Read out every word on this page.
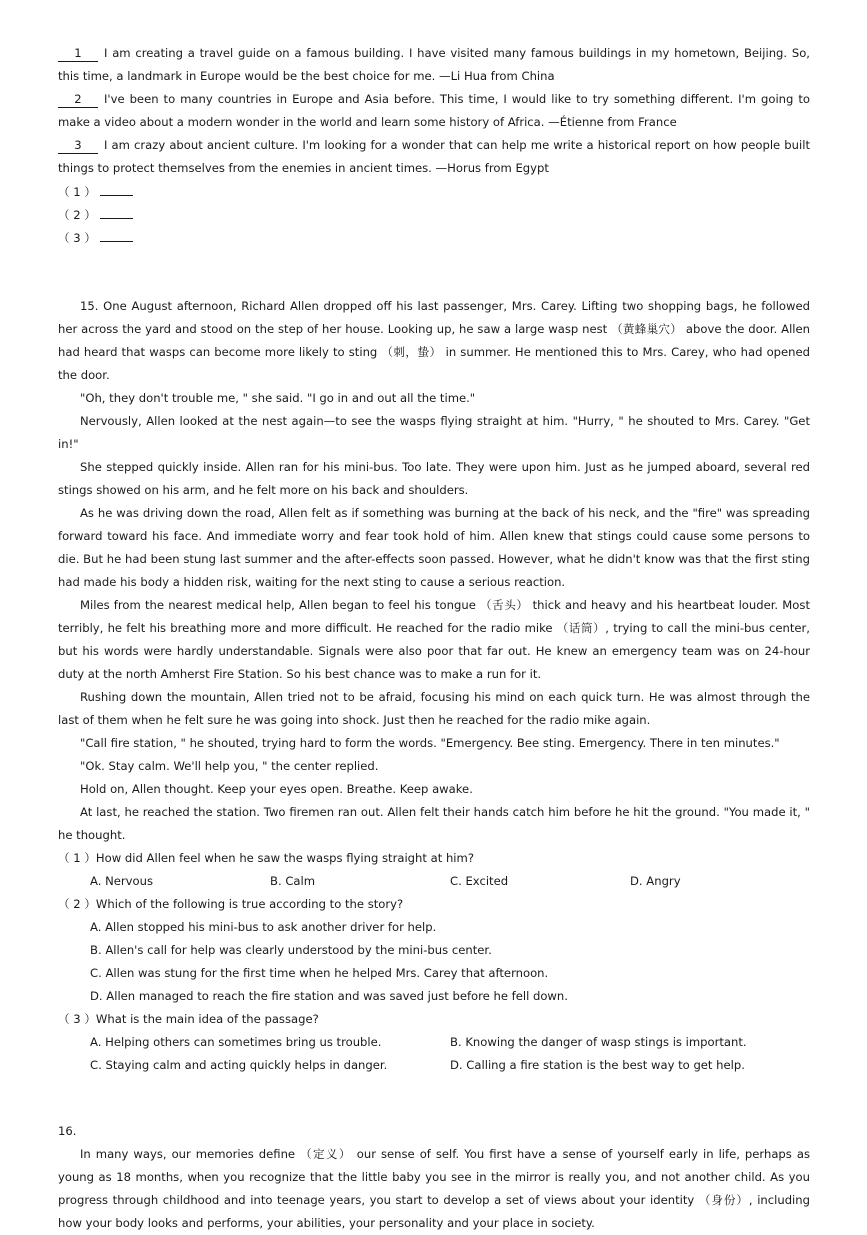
1 I am creating a travel guide on a famous building. I have visited many famous buildings in my hometown, Beijing. So, this time, a landmark in Europe would be the best choice for me. —Li Hua from China

2 I've been to many countries in Europe and Asia before. This time, I would like to try something different. I'm going to make a video about a modern wonder in the world and learn some history of Africa. —Étienne from France

3 I am crazy about ancient culture. I'm looking for a wonder that can help me write a historical report on how people built things to protect themselves from the enemies in ancient times. —Horus from Egypt

（ 1 ）
（ 2 ）
（ 3 ）

15. One August afternoon, Richard Allen dropped off his last passenger, Mrs. Carey. Lifting two shopping bags, he followed her across the yard and stood on the step of her house. Looking up, he saw a large wasp nest （黄蜂巢穴） above the door. Allen had heard that wasps can become more likely to sting （刺，蛰） in summer. He mentioned this to Mrs. Carey, who had opened the door.

"Oh, they don't trouble me, " she said. "I go in and out all the time."

Nervously, Allen looked at the nest again—to see the wasps flying straight at him. "Hurry, " he shouted to Mrs. Carey. "Get in!"

She stepped quickly inside. Allen ran for his mini-bus. Too late. They were upon him. Just as he jumped aboard, several red stings showed on his arm, and he felt more on his back and shoulders.

As he was driving down the road, Allen felt as if something was burning at the back of his neck, and the "fire" was spreading forward toward his face. And immediate worry and fear took hold of him. Allen knew that stings could cause some persons to die. But he had been stung last summer and the after-effects soon passed. However, what he didn't know was that the first sting had made his body a hidden risk, waiting for the next sting to cause a serious reaction.

Miles from the nearest medical help, Allen began to feel his tongue （舌头） thick and heavy and his heartbeat louder. Most terribly, he felt his breathing more and more difficult. He reached for the radio mike （话筒）, trying to call the mini-bus center, but his words were hardly understandable. Signals were also poor that far out. He knew an emergency team was on 24-hour duty at the north Amherst Fire Station. So his best chance was to make a run for it.

Rushing down the mountain, Allen tried not to be afraid, focusing his mind on each quick turn. He was almost through the last of them when he felt sure he was going into shock. Just then he reached for the radio mike again.

"Call fire station, " he shouted, trying hard to form the words. "Emergency. Bee sting. Emergency. There in ten minutes."

"Ok. Stay calm. We'll help you, " the center replied.

Hold on, Allen thought. Keep your eyes open. Breathe. Keep awake.

At last, he reached the station. Two firemen ran out. Allen felt their hands catch him before he hit the ground. "You made it, " he thought.

（ 1 ）How did Allen feel when he saw the wasps flying straight at him?

A. Nervous	B. Calm	C. Excited	D. Angry

（ 2 ）Which of the following is true according to the story?

A. Allen stopped his mini-bus to ask another driver for help.
B. Allen's call for help was clearly understood by the mini-bus center.
C. Allen was stung for the first time when he helped Mrs. Carey that afternoon.
D. Allen managed to reach the fire station and was saved just before he fell down.

（ 3 ）What is the main idea of the passage?

A. Helping others can sometimes bring us trouble.	B. Knowing the danger of wasp stings is important.
C. Staying calm and acting quickly helps in danger.	D. Calling a fire station is the best way to get help.

16.

In many ways, our memories define （定义） our sense of self. You first have a sense of yourself early in life, perhaps as young as 18 months, when you recognize that the little baby you see in the mirror is really you, and not another child. As you progress through childhood and into teenage years, you start to develop a set of views about your identity （身份）, including how your body looks and performs, your abilities, your personality and your place in society.
